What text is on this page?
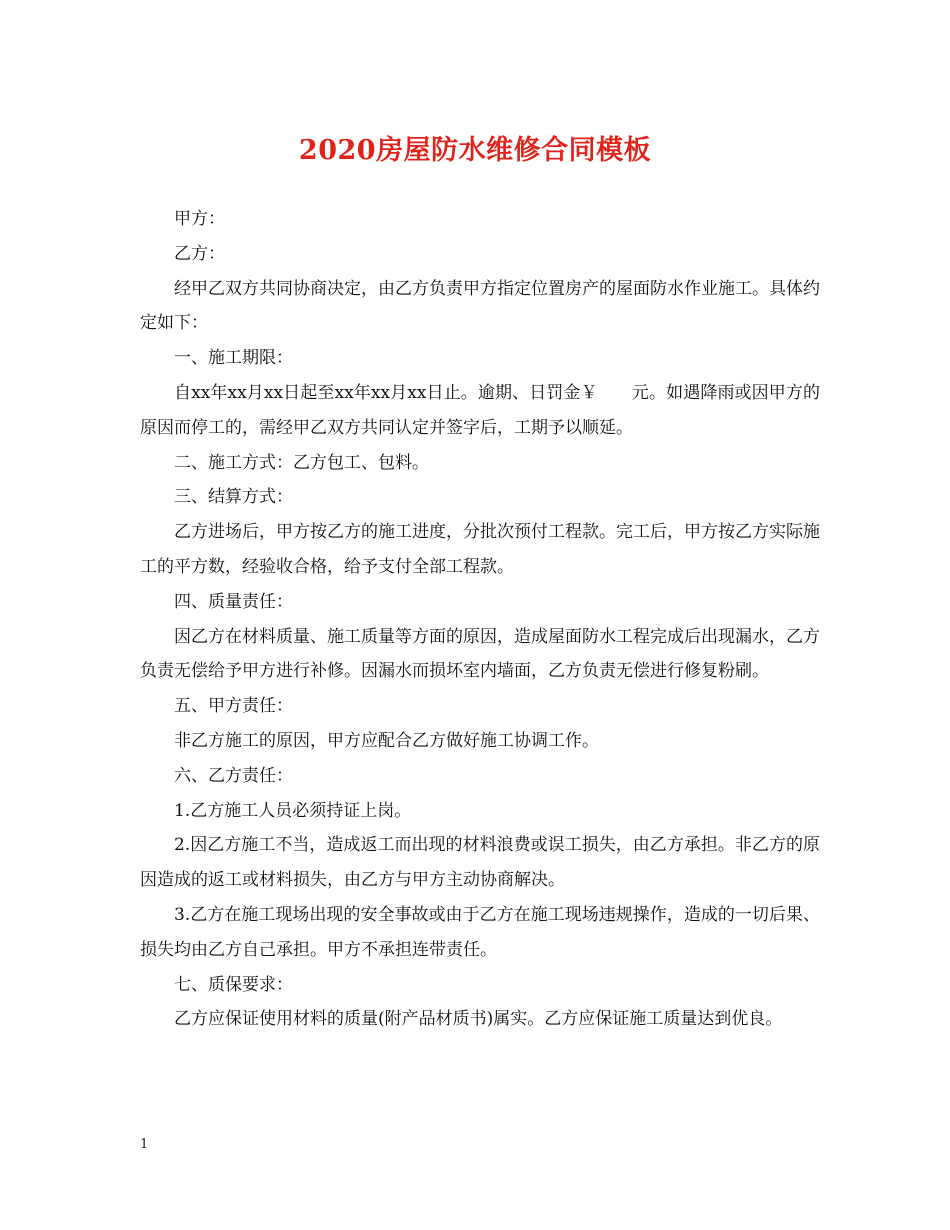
2020房屋防水维修合同模板

甲方：

乙方：

经甲乙双方共同协商决定，由乙方负责甲方指定位置房产的屋面防水作业施工。具体约定如下：

一、施工期限：

自xx年xx月xx日起至xx年xx月xx日止。逾期、日罚金￥　　元。如遇降雨或因甲方的原因而停工的，需经甲乙双方共同认定并签字后，工期予以顺延。

二、施工方式：乙方包工、包料。

三、结算方式：

乙方进场后，甲方按乙方的施工进度，分批次预付工程款。完工后，甲方按乙方实际施工的平方数，经验收合格，给予支付全部工程款。

四、质量责任：

因乙方在材料质量、施工质量等方面的原因，造成屋面防水工程完成后出现漏水，乙方负责无偿给予甲方进行补修。因漏水而损坏室内墙面，乙方负责无偿进行修复粉刷。

五、甲方责任：

非乙方施工的原因，甲方应配合乙方做好施工协调工作。

六、乙方责任：

1.乙方施工人员必须持证上岗。

2.因乙方施工不当，造成返工而出现的材料浪费或误工损失，由乙方承担。非乙方的原因造成的返工或材料损失，由乙方与甲方主动协商解决。

3.乙方在施工现场出现的安全事故或由于乙方在施工现场违规操作，造成的一切后果、损失均由乙方自己承担。甲方不承担连带责任。

七、质保要求：

乙方应保证使用材料的质量(附产品材质书)属实。乙方应保证施工质量达到优良。

1
